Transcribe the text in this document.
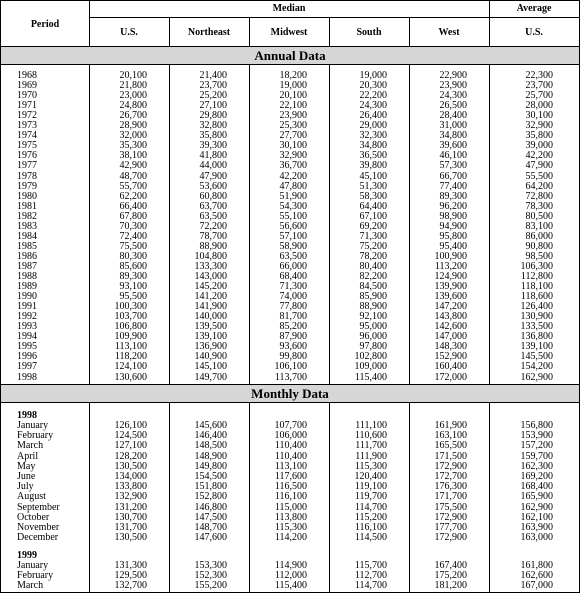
Period
Median	Average
U.S.	Northeast	Midwest	South	West	U.S.
Annual Data
1968	20,100	21,400	18,200	19,000	22,900	22,300
1969	21,800	23,700	19,000	20,300	23,900	23,700
1970	23,000	25,200	20,100	22,200	24,300	25,700
1971	24,800	27,100	22,100	24,300	26,500	28,000
1972	26,700	29,800	23,900	26,400	28,400	30,100
1973	28,900	32,800	25,300	29,000	31,000	32,900
1974	32,000	35,800	27,700	32,300	34,800	35,800
1975	35,300	39,300	30,100	34,800	39,600	39,000
1976	38,100	41,800	32,900	36,500	46,100	42,200
1977	42,900	44,000	36,700	39,800	57,300	47,900
1978	48,700	47,900	42,200	45,100	66,700	55,500
1979	55,700	53,600	47,800	51,300	77,400	64,200
1980	62,200	60,800	51,900	58,300	89,300	72,800
1981	66,400	63,700	54,300	64,400	96,200	78,300
1982	67,800	63,500	55,100	67,100	98,900	80,500
1983	70,300	72,200	56,600	69,200	94,900	83,100
1984	72,400	78,700	57,100	71,300	95,800	86,000
1985	75,500	88,900	58,900	75,200	95,400	90,800
1986	80,300	104,800	63,500	78,200	100,900	98,500
1987	85,600	133,300	66,000	80,400	113,200	106,300
1988	89,300	143,000	68,400	82,200	124,900	112,800
1989	93,100	145,200	71,300	84,500	139,900	118,100
1990	95,500	141,200	74,000	85,900	139,600	118,600
1991	100,300	141,900	77,800	88,900	147,200	126,400
1992	103,700	140,000	81,700	92,100	143,800	130,900
1993	106,800	139,500	85,200	95,000	142,600	133,500
1994	109,900	139,100	87,900	96,000	147,000	136,800
1995	113,100	136,900	93,600	97,800	148,300	139,100
1996	118,200	140,900	99,800	102,800	152,900	145,500
1997	124,100	145,100	106,100	109,000	160,400	154,200
1998	130,600	149,700	113,700	115,400	172,000	162,900
Monthly Data
1998
January	126,100	145,600	107,700	111,100	161,900	156,800
February	124,500	146,400	106,000	110,600	163,100	153,900
March	127,100	148,500	110,400	111,700	165,500	157,200
April	128,200	148,900	110,400	111,900	171,500	159,700
May	130,500	149,800	113,100	115,300	172,900	162,300
June	134,000	154,500	117,600	120,400	172,700	169,200
July	133,800	151,800	116,500	119,100	176,300	168,400
August	132,900	152,800	116,100	119,700	171,700	165,900
September	131,200	146,800	115,000	114,700	175,500	162,900
October	130,700	147,500	113,800	115,200	172,900	162,100
November	131,700	148,700	115,300	116,100	177,700	163,900
December	130,500	147,600	114,200	114,500	172,900	163,000
1999
January	131,300	153,300	114,900	115,700	167,400	161,800
February	129,500	152,300	112,000	112,700	175,200	162,600
March	132,700	155,200	115,400	114,700	181,200	167,000
